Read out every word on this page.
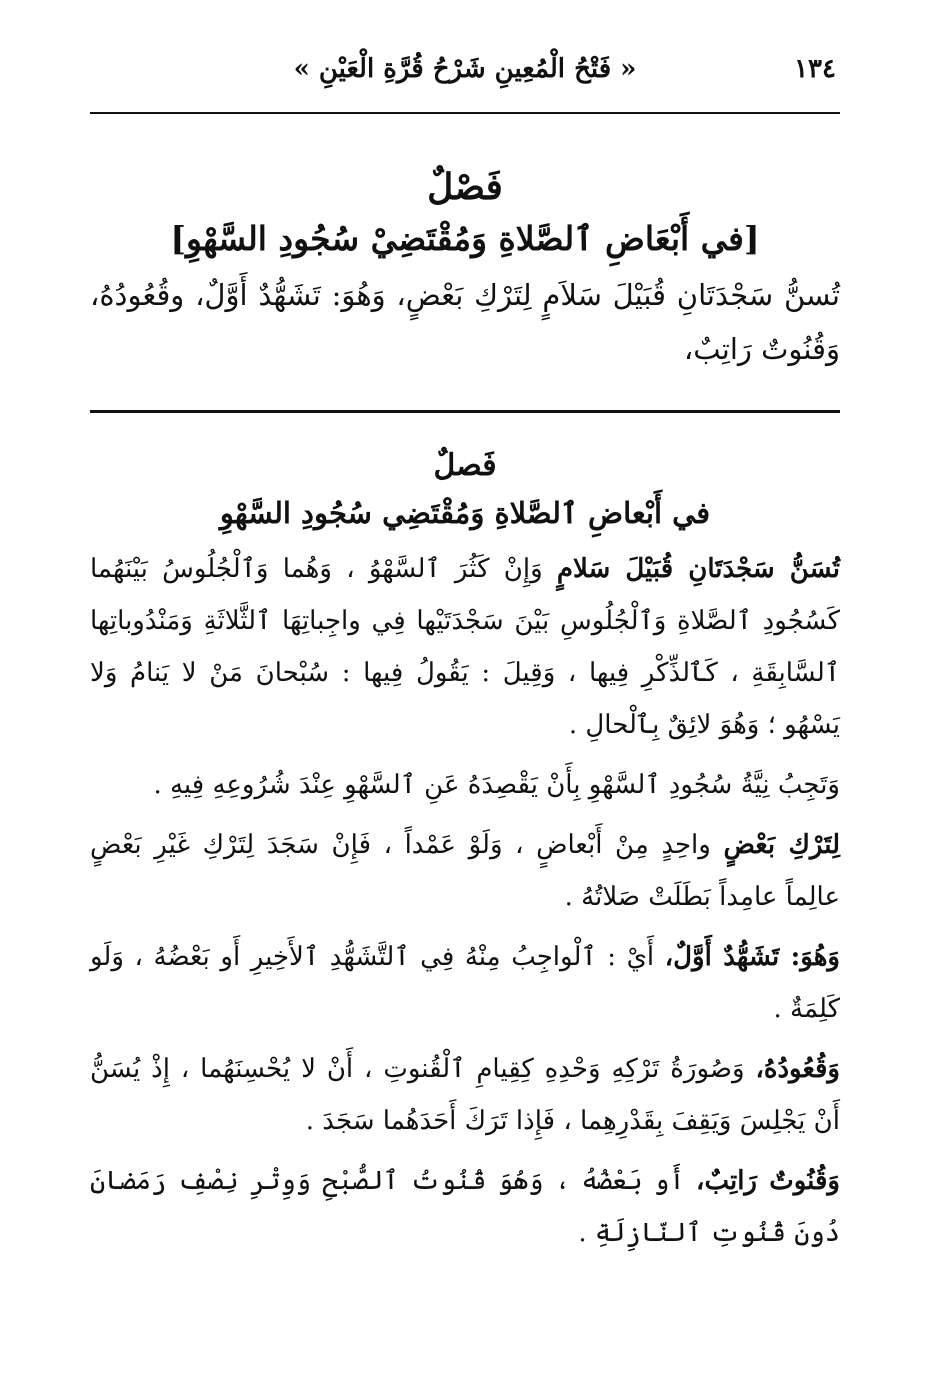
١٣٤
« فَتْحُ الْمُعِينِ شَرْحُ قُرَّةِ الْعَيْنِ »
فَصْلٌ
[في أَبْعَاضِ ٱلصَّلاةِ وَمُقْتَضِيْ سُجُودِ السَّهْوِ]

تُسنُّ سَجْدَتَانِ قُبَيْلَ سَلاَمٍ لِتَرْكِ بَعْضٍ، وَهُوَ: تَشَهُّدٌ أَوَّلٌ، وقُعُودُهُ، وَقُنُوتٌ رَاتِبٌ،

فَصلٌ
في أَبْعاضِ ٱلصَّلاةِ وَمُقْتَضِي سُجُودِ السَّهْوِ

تُسَنُّ سَجْدَتَانِ قُبَيْلَ سَلامٍ وَإِنْ كَثُرَ ٱلسَّهْوُ ، وَهُما وَٱلْجُلُوسُ بَيْنَهُما كَسُجُودِ ٱلصَّلاةِ وَٱلْجُلُوسِ بَيْنَ سَجْدَتَيْها فِي واجِباتِهَا ٱلثَّلاثَةِ وَمَنْدُوباتِها ٱلسَّابِقَةِ ، كَٱلذِّكْرِ فِيها ، وَقِيلَ : يَقُولُ فِيها : سُبْحانَ مَنْ لا يَنامُ وَلا يَسْهُو ؛ وَهُوَ لائِقٌ بِٱلْحالِ .

وَتَجِبُ نِيَّةُ سُجُودِ ٱلسَّهْوِ بِأَنْ يَقْصِدَهُ عَنِ ٱلسَّهْوِ عِنْدَ شُرُوعِهِ فِيهِ .

لِتَرْكِ بَعْضٍ واحِدٍ مِنْ أَبْعاضٍ ، وَلَوْ عَمْداً ، فَإِنْ سَجَدَ لِتَرْكِ غَيْرِ بَعْضٍ عالِماً عامِداً بَطَلَتْ صَلاتُهُ .

وَهُوَ: تَشَهُّدٌ أَوَّلٌ، أَيْ : ٱلْواجِبُ مِنْهُ فِي ٱلتَّشَهُّدِ ٱلأَخِيرِ أَو بَعْضُهُ ، وَلَو كَلِمَةٌ .

وَقُعُودُهُ، وَصُورَةُ تَرْكِهِ وَحْدِهِ كِقِيامِ ٱلْقُنوتِ ، أَنْ لا يُحْسِنَهُما ، إِذْ يُسَنُّ أَنْ يَجْلِسَ وَيَقِفَ بِقَدْرِهِما ، فَإِذا تَرَكَ أَحَدَهُما سَجَدَ .

وَقُنُوتٌ رَاتِبٌ، أَو بَعْضُهُ ، وَهُوَ قُنُوتُ ٱلصُّبْحِ وَوِتْرِ نِصْفِ رَمَضانَ دُونَ قُنُوتِ ٱلنّازِلَةِ .
